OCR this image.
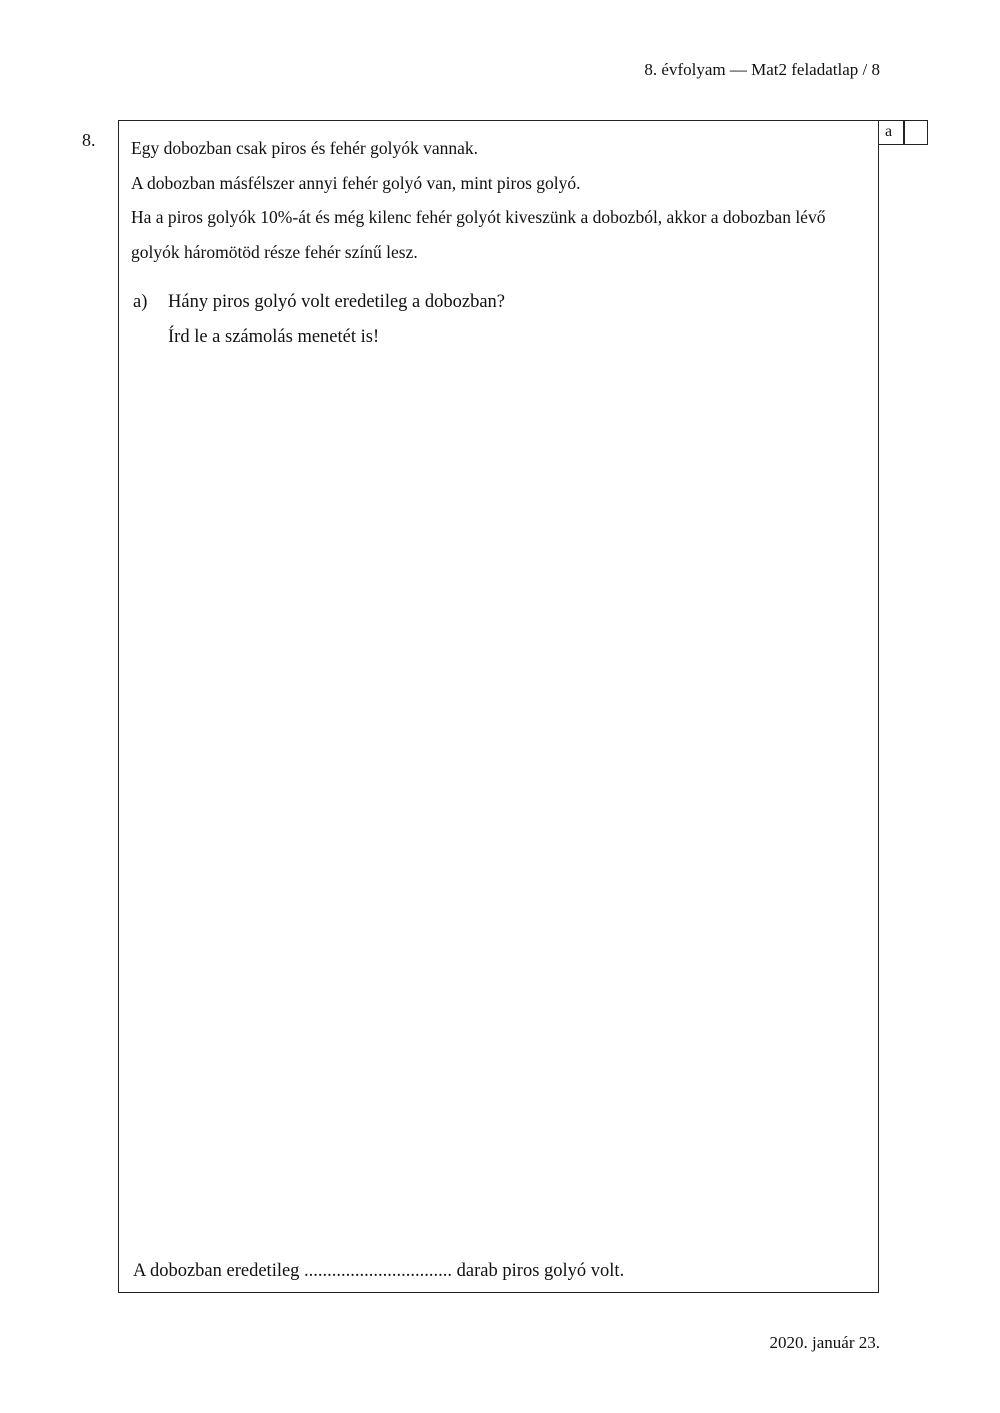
8. évfolyam — Mat2 feladatlap / 8
8. Egy dobozban csak piros és fehér golyók vannak.

A dobozban másfélszer annyi fehér golyó van, mint piros golyó.

Ha a piros golyók 10%-át és még kilenc fehér golyót kiveszünk a dobozból, akkor a dobozban lévő golyók háromötöd része fehér színű lesz.

a) Hány piros golyó volt eredetileg a dobozban?

Írd le a számolás menetét is!

A dobozban eredetileg ................................ darab piros golyó volt.
a
2020. január 23.
